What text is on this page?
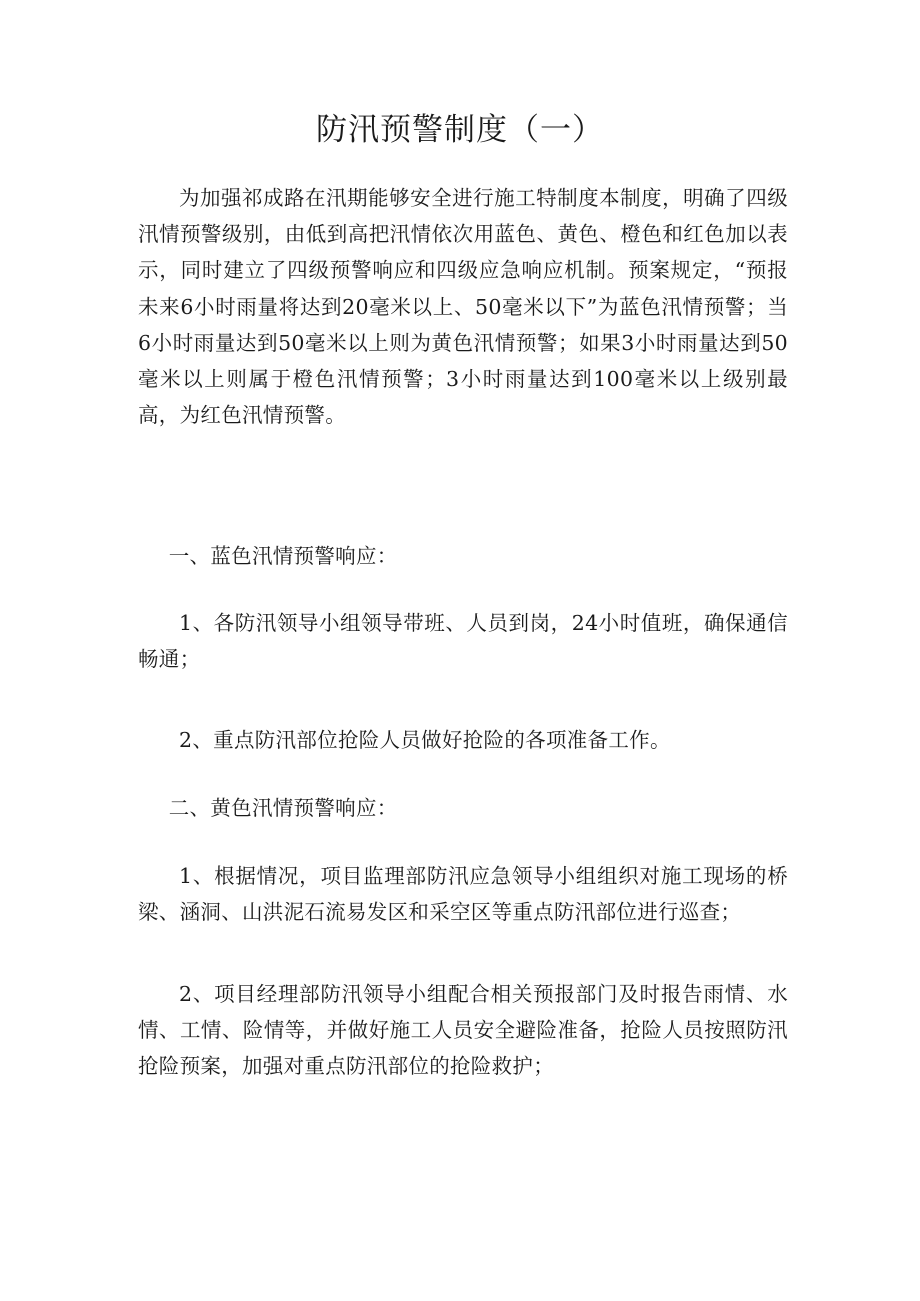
防汛预警制度（一）

为加强祁成路在汛期能够安全进行施工特制度本制度，明确了四级汛情预警级别，由低到高把汛情依次用蓝色、黄色、橙色和红色加以表示，同时建立了四级预警响应和四级应急响应机制。预案规定，“预报未来6小时雨量将达到20毫米以上、50毫米以下”为蓝色汛情预警；当6小时雨量达到50毫米以上则为黄色汛情预警；如果3小时雨量达到50毫米以上则属于橙色汛情预警；3小时雨量达到100毫米以上级别最高，为红色汛情预警。

一、蓝色汛情预警响应：

1、各防汛领导小组领导带班、人员到岗，24小时值班，确保通信畅通；

2、重点防汛部位抢险人员做好抢险的各项准备工作。

二、黄色汛情预警响应：

1、根据情况，项目监理部防汛应急领导小组组织对施工现场的桥梁、涵洞、山洪泥石流易发区和采空区等重点防汛部位进行巡查；

2、项目经理部防汛领导小组配合相关预报部门及时报告雨情、水情、工情、险情等，并做好施工人员安全避险准备，抢险人员按照防汛抢险预案，加强对重点防汛部位的抢险救护；
